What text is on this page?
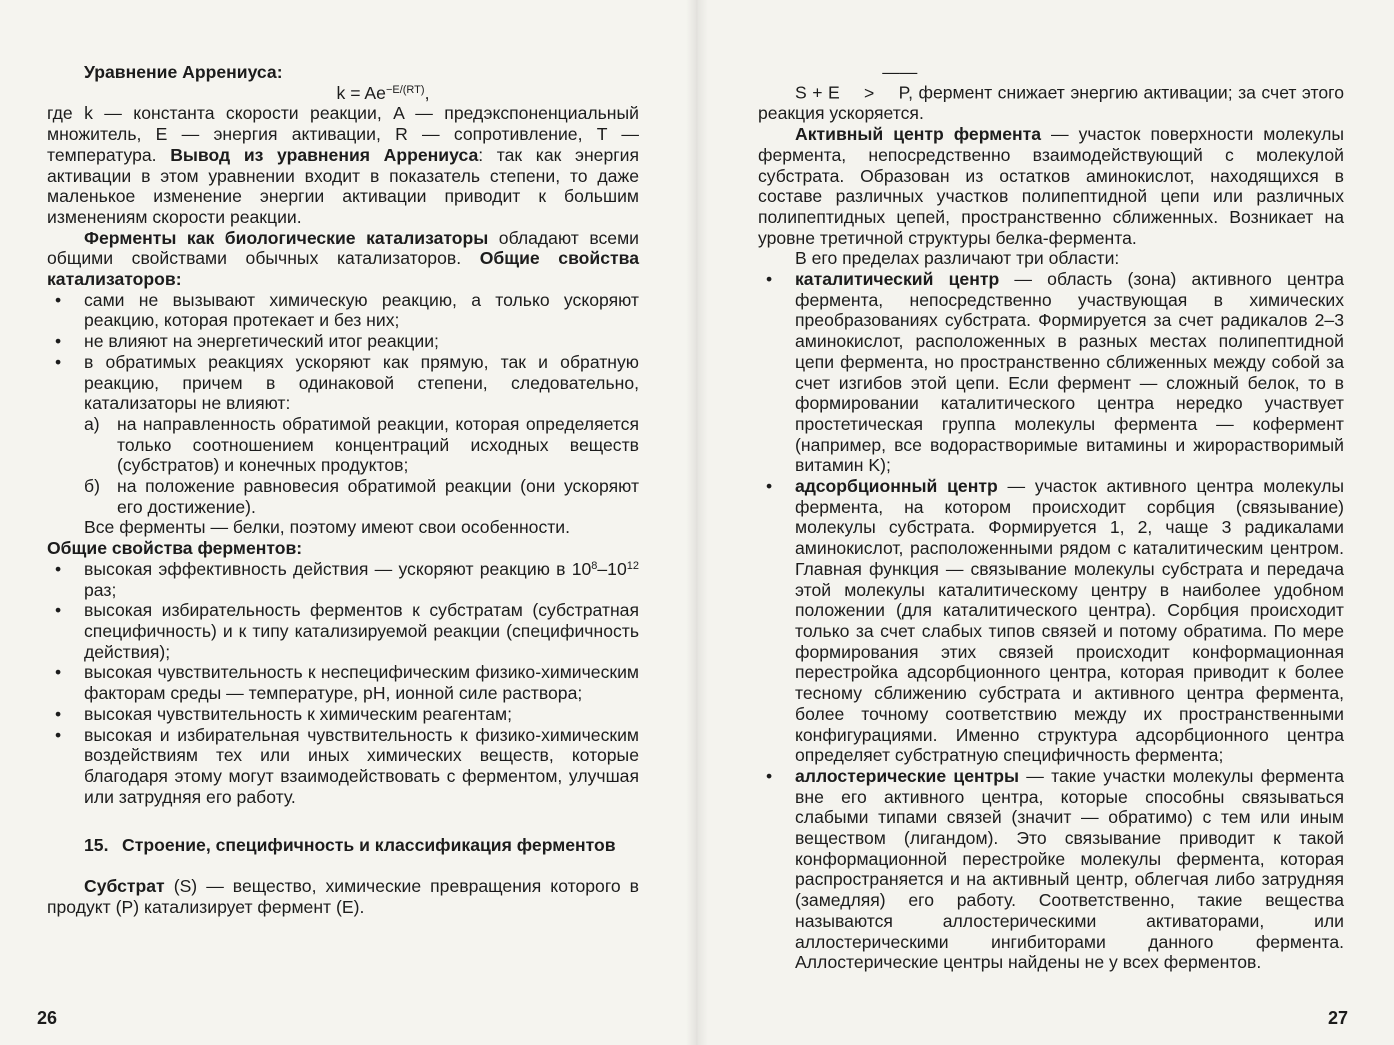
Уравнение Аррениуса:

$k = Ae^{-E/(RT)}$,

где k — константа скорости реакции, A — предэкспоненциальный множитель, E — энергия активации, R — сопротивление, T — температура. Вывод из уравнения Аррениуса: так как энергия активации в этом уравнении входит в показатель степени, то даже маленькое изменение энергии активации приводит к большим изменениям скорости реакции.

Ферменты как биологические катализаторы обладают всеми общими свойствами обычных катализаторов. Общие свойства катализаторов:

• сами не вызывают химическую реакцию, а только ускоряют реакцию, которая протекает и без них;
• не влияют на энергетический итог реакции;
• в обратимых реакциях ускоряют как прямую, так и обратную реакцию, причем в одинаковой степени, следовательно, катализаторы не влияют:
а) на направленность обратимой реакции, которая определяется только соотношением концентраций исходных веществ (субстратов) и конечных продуктов;
б) на положение равновесия обратимой реакции (они ускоряют его достижение).

Все ферменты — белки, поэтому имеют свои особенности.

Общие свойства ферментов:

• высокая эффективность действия — ускоряют реакцию в $10^8-10^{12}$ раз;
• высокая избирательность ферментов к субстратам (субстратная специфичность) и к типу катализируемой реакции (специфичность действия);
• высокая чувствительность к неспецифическим физико-химическим факторам среды — температуре, pH, ионной силе раствора;
• высокая чувствительность к химическим реагентам;
• высокая и избирательная чувствительность к физико-химическим воздействиям тех или иных химических веществ, которые благодаря этому могут взаимодействовать с ферментом, улучшая или затрудняя его работу.
15. Строение, специфичность и классификация ферментов

Субстрат (S) — вещество, химические превращения которого в продукт (P) катализирует фермент (E).

26

S + E ——> P, фермент снижает энергию активации; за счет этого реакция ускоряется.

Активный центр фермента — участок поверхности молекулы фермента, непосредственно взаимодействующий с молекулой субстрата. Образован из остатков аминокислот, находящихся в составе различных участков полипептидной цепи или различных полипептидных цепей, пространственно сближенных. Возникает на уровне третичной структуры белка-фермента.

В его пределах различают три области:

• каталитический центр — область (зона) активного центра фермента, непосредственно участвующая в химических преобразованиях субстрата. Формируется за счет радикалов 2–3 аминокислот, расположенных в разных местах полипептидной цепи фермента, но пространственно сближенных между собой за счет изгибов этой цепи. Если фермент — сложный белок, то в формировании каталитического центра нередко участвует простетическая группа молекулы фермента — кофермент (например, все водорастворимые витамины и жирорастворимый витамин K);
• адсорбционный центр — участок активного центра молекулы фермента, на котором происходит сорбция (связывание) молекулы субстрата. Формируется 1, 2, чаще 3 радикалами аминокислот, расположенными рядом с каталитическим центром. Главная функция — связывание молекулы субстрата и передача этой молекулы каталитическому центру в наиболее удобном положении (для каталитического центра). Сорбция происходит только за счет слабых типов связей и потому обратима. По мере формирования этих связей происходит конформационная перестройка адсорбционного центра, которая приводит к более тесному сближению субстрата и активного центра фермента, более точному соответствию между их пространственными конфигурациями. Именно структура адсорбционного центра определяет субстратную специфичность фермента;
• аллостерические центры — такие участки молекулы фермента вне его активного центра, которые способны связываться слабыми типами связей (значит — обратимо) с тем или иным веществом (лигандом). Это связывание приводит к такой конформационной перестройке молекулы фермента, которая распространяется и на активный центр, облегчая либо затрудняя (замедляя) его работу. Соответственно, такие вещества называются аллостерическими активаторами, или аллостерическими ингибиторами данного фермента. Аллостерические центры найдены не у всех ферментов.
27
